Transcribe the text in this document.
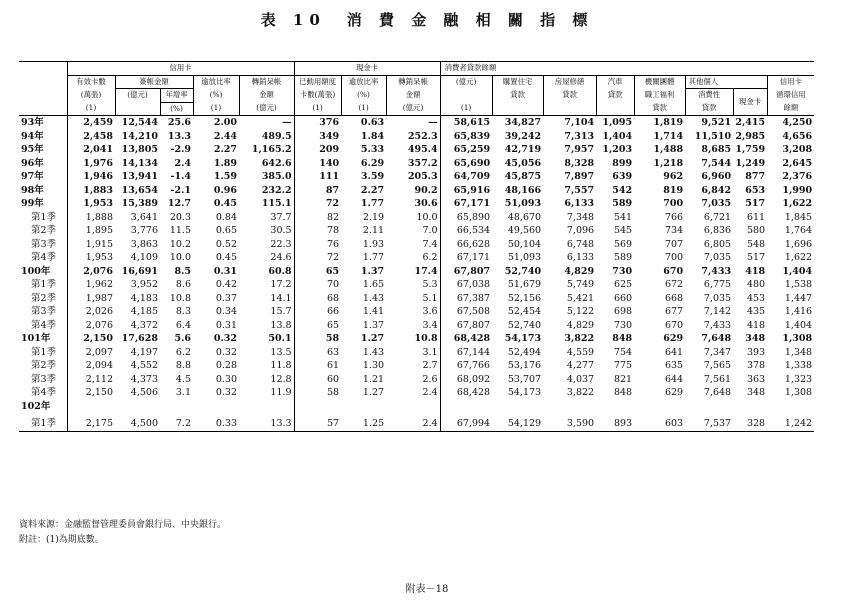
表 10　消 費 金 融 相 關 指 標
	信用卡					現金卡			消費者貸款餘額							
	有效卡數	簽帳金額		逾放比率	轉銷呆帳	已動用額度	逾放比率	轉銷呆帳	(億元)	購置住宅	房屋修繕	汽車	機關團體	其他個人		信用卡
	(萬張)	(億元)	年增率	(%)	金額	卡數(萬張)	(%)	金額		貸款	貸款	貸款	職工福利	消費性	現金卡	循環信用
	(1)		(%)	(1)	(億元)	(1)	(1)	(億元)	(1)				貸款	貸款		餘額
93年	2,459	12,544	25.6	2.00	—	376	0.63	—	58,615	34,827	7,104	1,095	1,819	9,521	2,415	4,250
94年	2,458	14,210	13.3	2.44	489.5	349	1.84	252.3	65,839	39,242	7,313	1,404	1,714	11,510	2,985	4,656
95年	2,041	13,805	-2.9	2.27	1,165.2	209	5.33	495.4	65,259	42,719	7,957	1,203	1,488	8,685	1,759	3,208
96年	1,976	14,134	2.4	1.89	642.6	140	6.29	357.2	65,690	45,056	8,328	899	1,218	7,544	1,249	2,645
97年	1,946	13,941	-1.4	1.59	385.0	111	3.59	205.3	64,709	45,875	7,897	639	962	6,960	877	2,376
98年	1,883	13,654	-2.1	0.96	232.2	87	2.27	90.2	65,916	48,166	7,557	542	819	6,842	653	1,990
99年	1,953	15,389	12.7	0.45	115.1	72	1.77	30.6	67,171	51,093	6,133	589	700	7,035	517	1,622
第1季	1,888	3,641	20.3	0.84	37.7	82	2.19	10.0	65,890	48,670	7,348	541	766	6,721	611	1,845
第2季	1,895	3,776	11.5	0.65	30.5	78	2.11	7.0	66,534	49,560	7,096	545	734	6,836	580	1,764
第3季	1,915	3,863	10.2	0.52	22.3	76	1.93	7.4	66,628	50,104	6,748	569	707	6,805	548	1,696
第4季	1,953	4,109	10.0	0.45	24.6	72	1.77	6.2	67,171	51,093	6,133	589	700	7,035	517	1,622
100年	2,076	16,691	8.5	0.31	60.8	65	1.37	17.4	67,807	52,740	4,829	730	670	7,433	418	1,404
第1季	1,962	3,952	8.6	0.42	17.2	70	1.65	5.3	67,038	51,679	5,749	625	672	6,775	480	1,538
第2季	1,987	4,183	10.8	0.37	14.1	68	1.43	5.1	67,387	52,156	5,421	660	668	7,035	453	1,447
第3季	2,026	4,185	8.3	0.34	15.7	66	1.41	3.6	67,508	52,454	5,122	698	677	7,142	435	1,416
第4季	2,076	4,372	6.4	0.31	13.8	65	1.37	3.4	67,807	52,740	4,829	730	670	7,433	418	1,404
101年	2,150	17,628	5.6	0.32	50.1	58	1.27	10.8	68,428	54,173	3,822	848	629	7,648	348	1,308
第1季	2,097	4,197	6.2	0.32	13.5	63	1.43	3.1	67,144	52,494	4,559	754	641	7,347	393	1,348
第2季	2,094	4,552	8.8	0.28	11.8	61	1.30	2.7	67,766	53,176	4,277	775	635	7,565	378	1,338
第3季	2,112	4,373	4.5	0.30	12.8	60	1.21	2.6	68,092	53,707	4,037	821	644	7,561	363	1,323
第4季	2,150	4,506	3.1	0.32	11.9	58	1.27	2.4	68,428	54,173	3,822	848	629	7,648	348	1,308
102年																

第1季	2,175	4,500	7.2	0.33	13.3	57	1.25	2.4	67,994	54,129	3,590	893	603	7,537	328	1,242
資料來源：金融監督管理委員會銀行局、中央銀行。
附註：(1)為期底數。
附表－18
